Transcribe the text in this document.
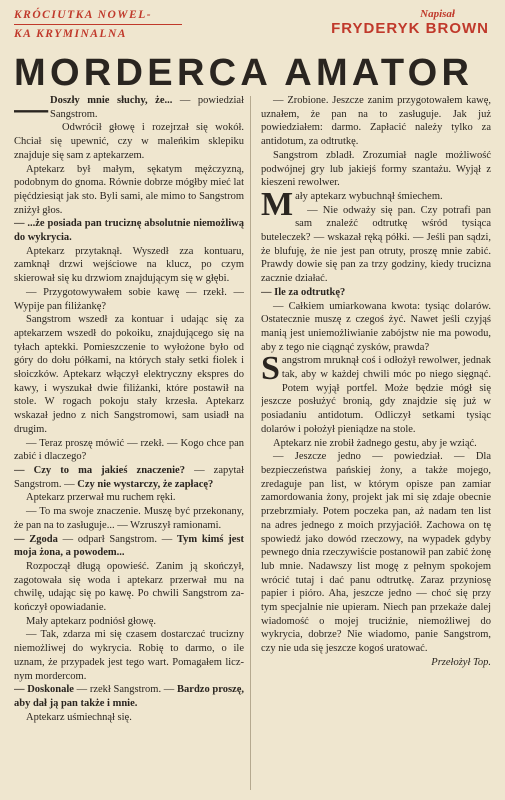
KRÓCIUTKA NOWEL-
KA KRYMINALNA
Napisał
FRYDERYK BROWN
MORDERCA AMATOR

— Doszły mnie słuchy, że... — powiedział Sangstrom.

Odwrócił głowę i rozejrzał się wokół. Chciał się upewnić, czy w maleńkim sklepiku znajduje się sam z aptekarzem.

Aptekarz był małym, sękatym mężczyzną, podobnym do gnoma. Równie dobrze mógłby mieć lat pięćdziesiąt jak sto. Byli sami, ale mimo to Sangstrom zniżył głos.

— ...że posiada pan truciznę absolutnie niemożliwą do wykrycia.

Aptekarz przytaknął. Wyszedł zza kontuaru, zamknął drzwi wejściowe na klucz, po czym skierował się ku drzwiom znajdującym się w głębi.

— Przygotowywałem sobie kawę — rzekł. — Wypije pan filiżankę?

Sangstrom wszedł za kontuar i udając się za aptekarzem wszedł do pokoiku, znajdującego się na tyłach aptekki. Pomieszczenie to wyłożone było od góry do dołu półkami, na których stały setki fiolek i słoiczków. Aptekarz włączył elektryczny ekspres do kawy, i wyszukał dwie filiżanki, które postawił na stole. W rogach pokoju stały krzesła. Aptekarz wskazał jedno z nich Sangstromowi, sam usiadł na drugim.

— Teraz proszę mówić — rzekł. — Kogo chce pan zabić i dlaczego?

— Czy to ma jakieś znaczenie? — zapytał Sangstrom. — Czy nie wystarczy, że zapłacę?

Aptekarz przerwał mu ruchem ręki.

— To ma swoje znaczenie. Muszę być przekonany, że pan na to zasługuje... — Wzruszył ramionami.

— Zgoda — odparł Sangstrom. — Tym kimś jest moja żona, a powodem...

Rozpoczął długą opowieść. Zanim ją skończył, zagotowała się woda i aptekarz przerwał mu na chwilę, udając się po kawę. Po chwili Sangstrom zakończył opowiadanie.

Mały aptekarz podniósł głowę.

— Tak, zdarza mi się czasem dostarczać trucizny niemożliwej do wykrycia. Robię to darmo, o ile uznam, że przypadek jest tego wart. Pomagałem licznym mordercom.

— Doskonale — rzekł Sangstrom. — Bardzo proszę, aby dał ją pan także i mnie.

Aptekarz uśmiechnął się.

— Zrobione. Jeszcze zanim przygotowałem kawę, uznałem, że pan na to zasługuje. Jak już powiedziałem: darmo. Zapłacić należy tylko za antidotum, za odtrutkę.

Sangstrom zbladł. Zrozumiał nagle możliwość podwójnej gry lub jakiejś formy szantażu. Wyjął z kieszeni rewolwer.

Mały aptekarz wybuchnął śmiechem.

— Nie odważy się pan. Czy potrafi pan sam znaleźć odtrutkę wśród tysiąca buteleczek? — wskazał ręką półki. — Jeśli pan sądzi, że blufuję, że nie jest pan otruty, proszę mnie zabić. Prawdy dowie się pan za trzy godziny, kiedy trucizna zacznie działać.

— Ile za odtrutkę?

— Całkiem umiarkowana kwota: tysiąc dolarów. Ostatecznie muszę z czegoś żyć. Nawet jeśli czyjąś manią jest uniemożliwianie zabójstw nie ma powodu, aby z tego nie ciągnąć zysków, prawda?

Sangstrom mruknął coś i odłożył rewolwer, jednak tak, aby w każdej chwili móc po niego sięgnąć. Potem wyjął portfel. Może będzie mógł się jeszcze posłużyć bronią, gdy znajdzie się już w posiadaniu antidotum. Odliczył setkami tysiąc dolarów i położył pieniądze na stole.

Aptekarz nie zrobił żadnego gestu, aby je wziąć.

— Jeszcze jedno — powiedział. — Dla bezpieczeństwa pańskiej żony, a także mojego, zredaguje pan list, w którym opisze pan zamiar zamordowania żony, projekt jak mi się zdaje obecnie przebrzmiały. Potem poczeka pan, aż nadam ten list na adres jednego z moich przyjaciół. Zachowa on tę spowiedź jako dowód rzeczowy, na wypadek gdyby pewnego dnia rzeczywiście postanowił pan zabić żonę lub mnie. Nadawszy list mogę z pełnym spokojem wrócić tutaj i dać panu odtrutkę. Zaraz przyniosę papier i pióro. Aha, jeszcze jedno — choć się przy tym specjalnie nie upieram. Niech pan przekaże dalej wiadomość o mojej truciźnie, niemożliwej do wykrycia, dobrze? Nie wiadomo, panie Sangstrom, czy nie uda się jeszcze kogoś uratować.

Przełożył Top.
